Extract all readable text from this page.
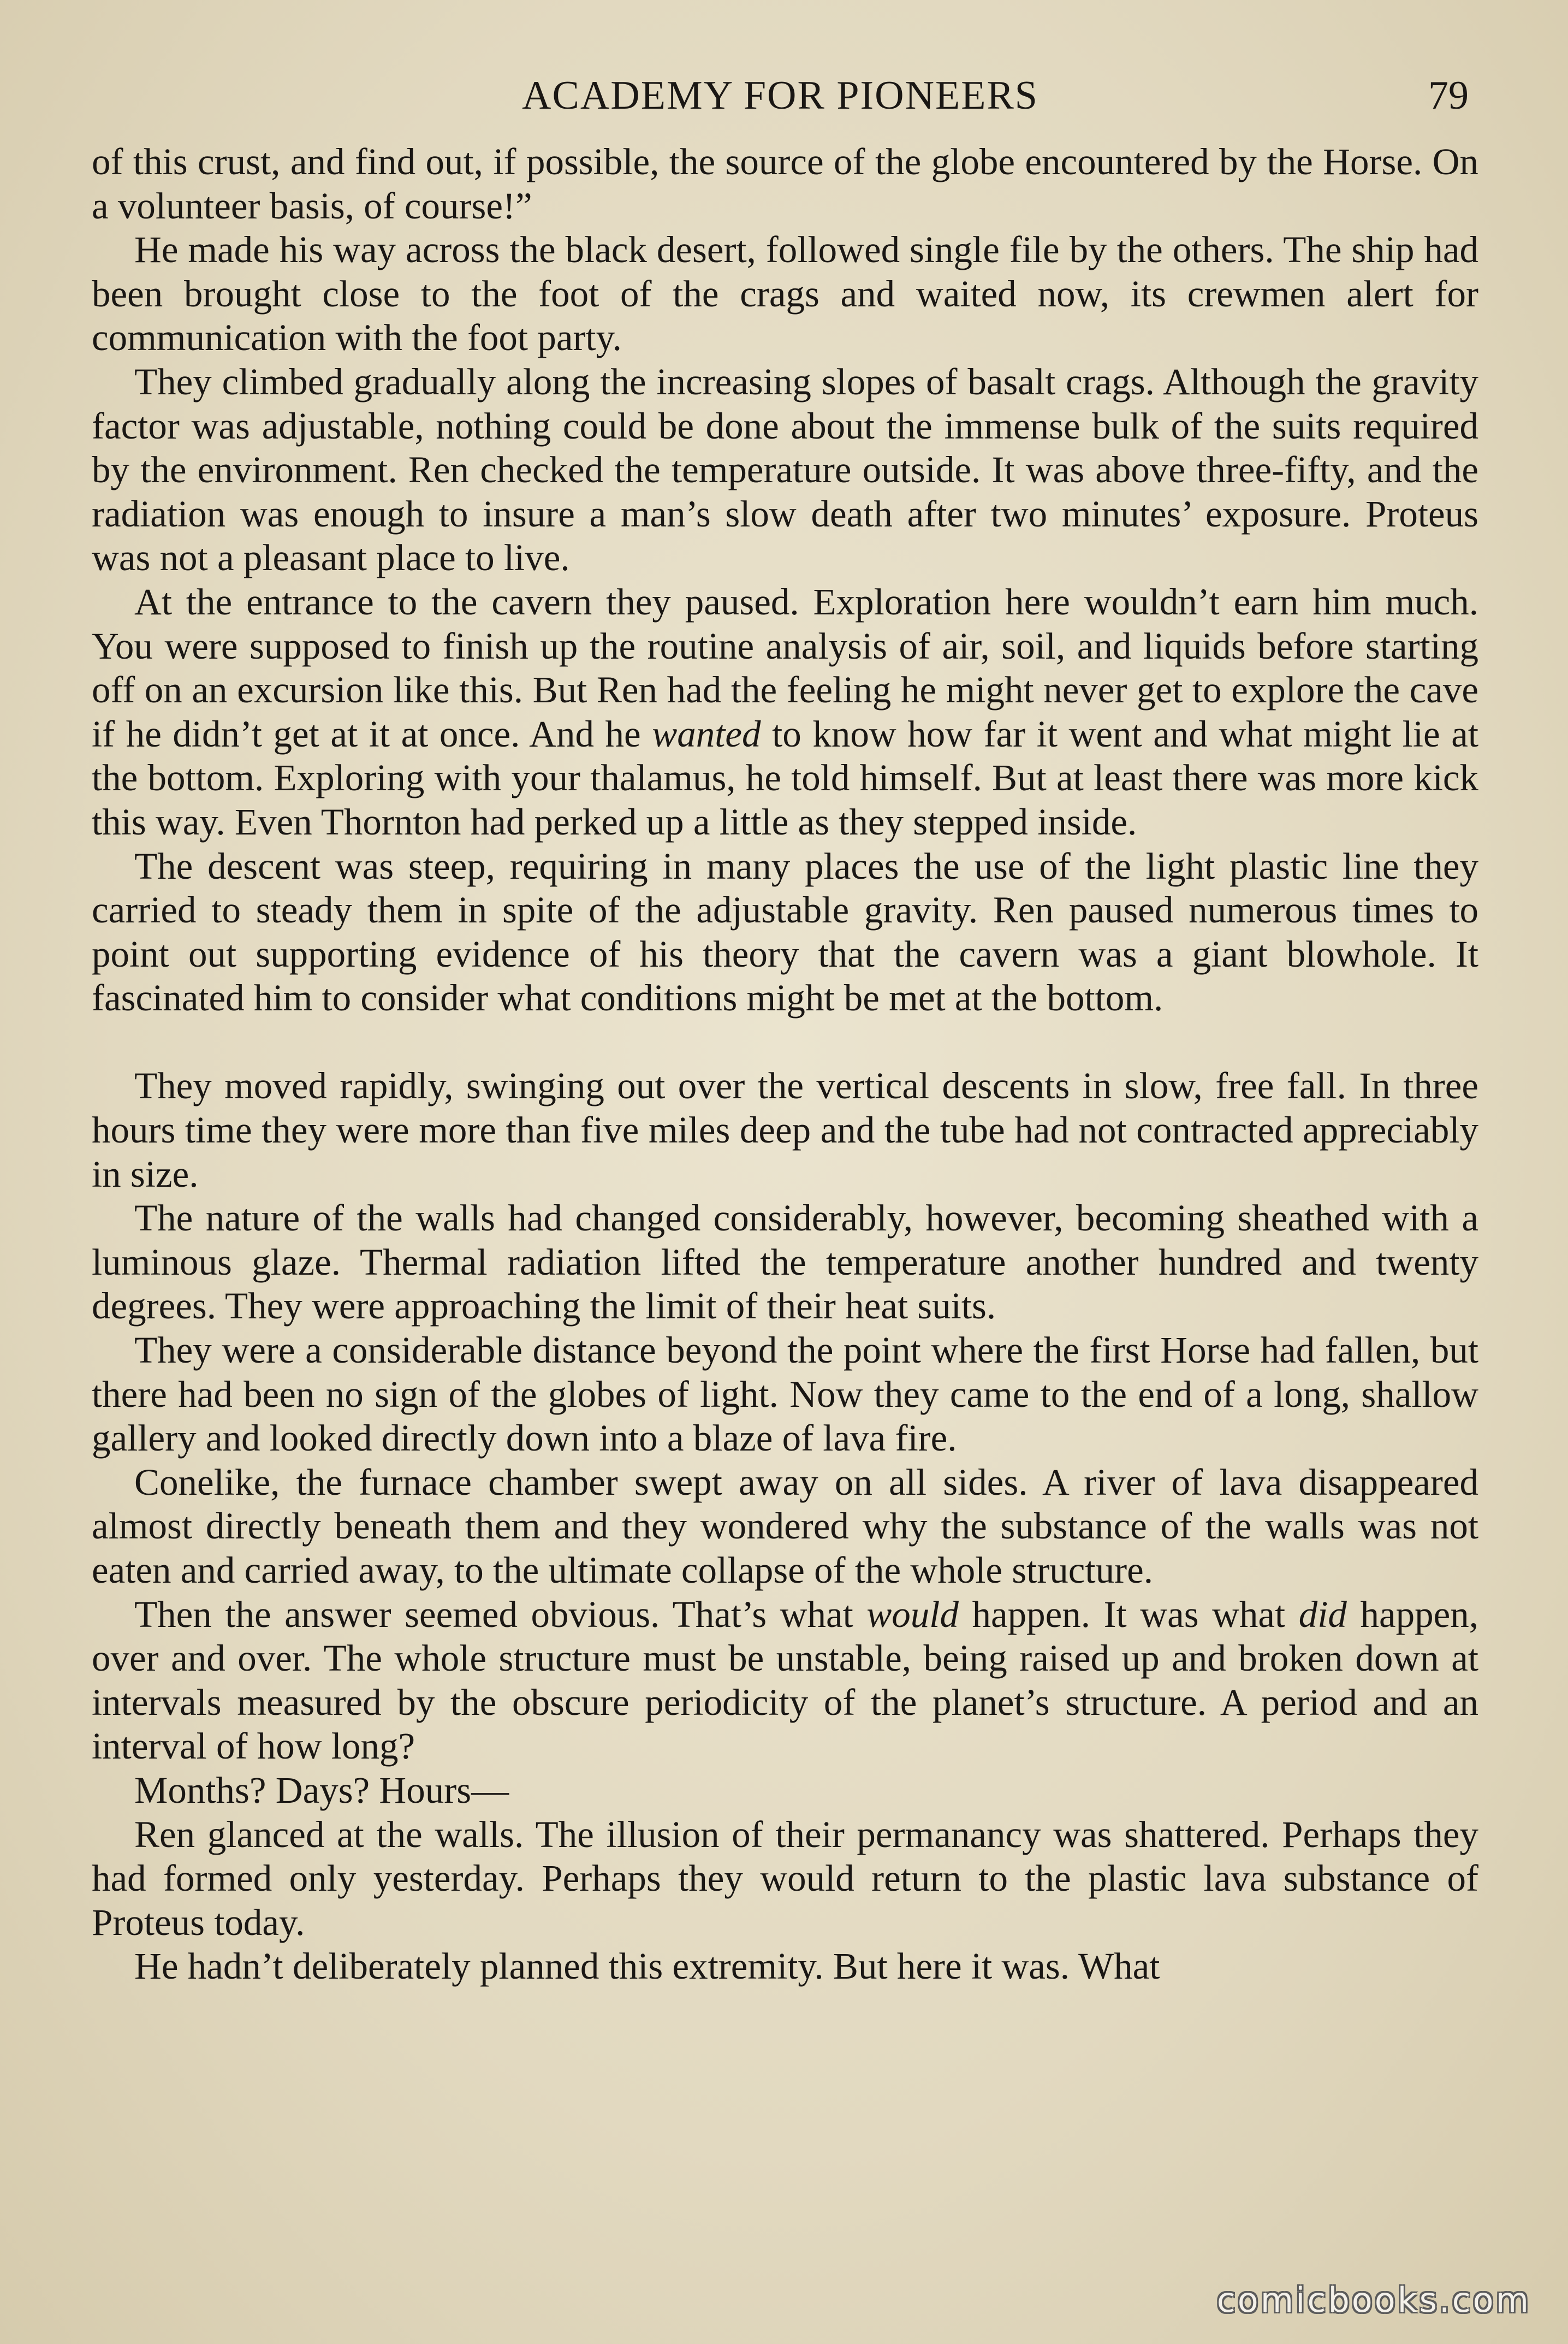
ACADEMY FOR PIONEERS	79

of this crust, and find out, if possible, the source of the globe encountered by the Horse. On a volunteer basis, of course!”

He made his way across the black desert, followed single file by the others. The ship had been brought close to the foot of the crags and waited now, its crewmen alert for communication with the foot party.

They climbed gradually along the increasing slopes of basalt crags. Although the gravity factor was adjustable, nothing could be done about the immense bulk of the suits required by the environment. Ren checked the temperature outside. It was above three-fifty, and the radiation was enough to insure a man’s slow death after two minutes’ exposure. Proteus was not a pleasant place to live.

At the entrance to the cavern they paused. Exploration here wouldn’t earn him much. You were supposed to finish up the routine analysis of air, soil, and liquids before starting off on an excursion like this. But Ren had the feeling he might never get to explore the cave if he didn’t get at it at once. And he wanted to know how far it went and what might lie at the bottom. Exploring with your thalamus, he told himself. But at least there was more kick this way. Even Thornton had perked up a little as they stepped inside.

The descent was steep, requiring in many places the use of the light plastic line they carried to steady them in spite of the adjustable gravity. Ren paused numerous times to point out supporting evidence of his theory that the cavern was a giant blowhole. It fascinated him to consider what conditions might be met at the bottom.

They moved rapidly, swinging out over the vertical descents in slow, free fall. In three hours time they were more than five miles deep and the tube had not contracted appreciably in size.

The nature of the walls had changed considerably, however, becoming sheathed with a luminous glaze. Thermal radiation lifted the temperature another hundred and twenty degrees. They were approaching the limit of their heat suits.

They were a considerable distance beyond the point where the first Horse had fallen, but there had been no sign of the globes of light. Now they came to the end of a long, shallow gallery and looked directly down into a blaze of lava fire.

Conelike, the furnace chamber swept away on all sides. A river of lava disappeared almost directly beneath them and they wondered why the substance of the walls was not eaten and carried away, to the ultimate collapse of the whole structure.

Then the answer seemed obvious. That’s what would happen. It was what did happen, over and over. The whole structure must be unstable, being raised up and broken down at intervals measured by the obscure periodicity of the planet’s structure. A period and an interval of how long?

Months? Days? Hours—

Ren glanced at the walls. The illusion of their permanancy was shattered. Perhaps they had formed only yesterday. Perhaps they would return to the plastic lava substance of Proteus today.

He hadn’t deliberately planned this extremity. But here it was. What

comicbooks.com
